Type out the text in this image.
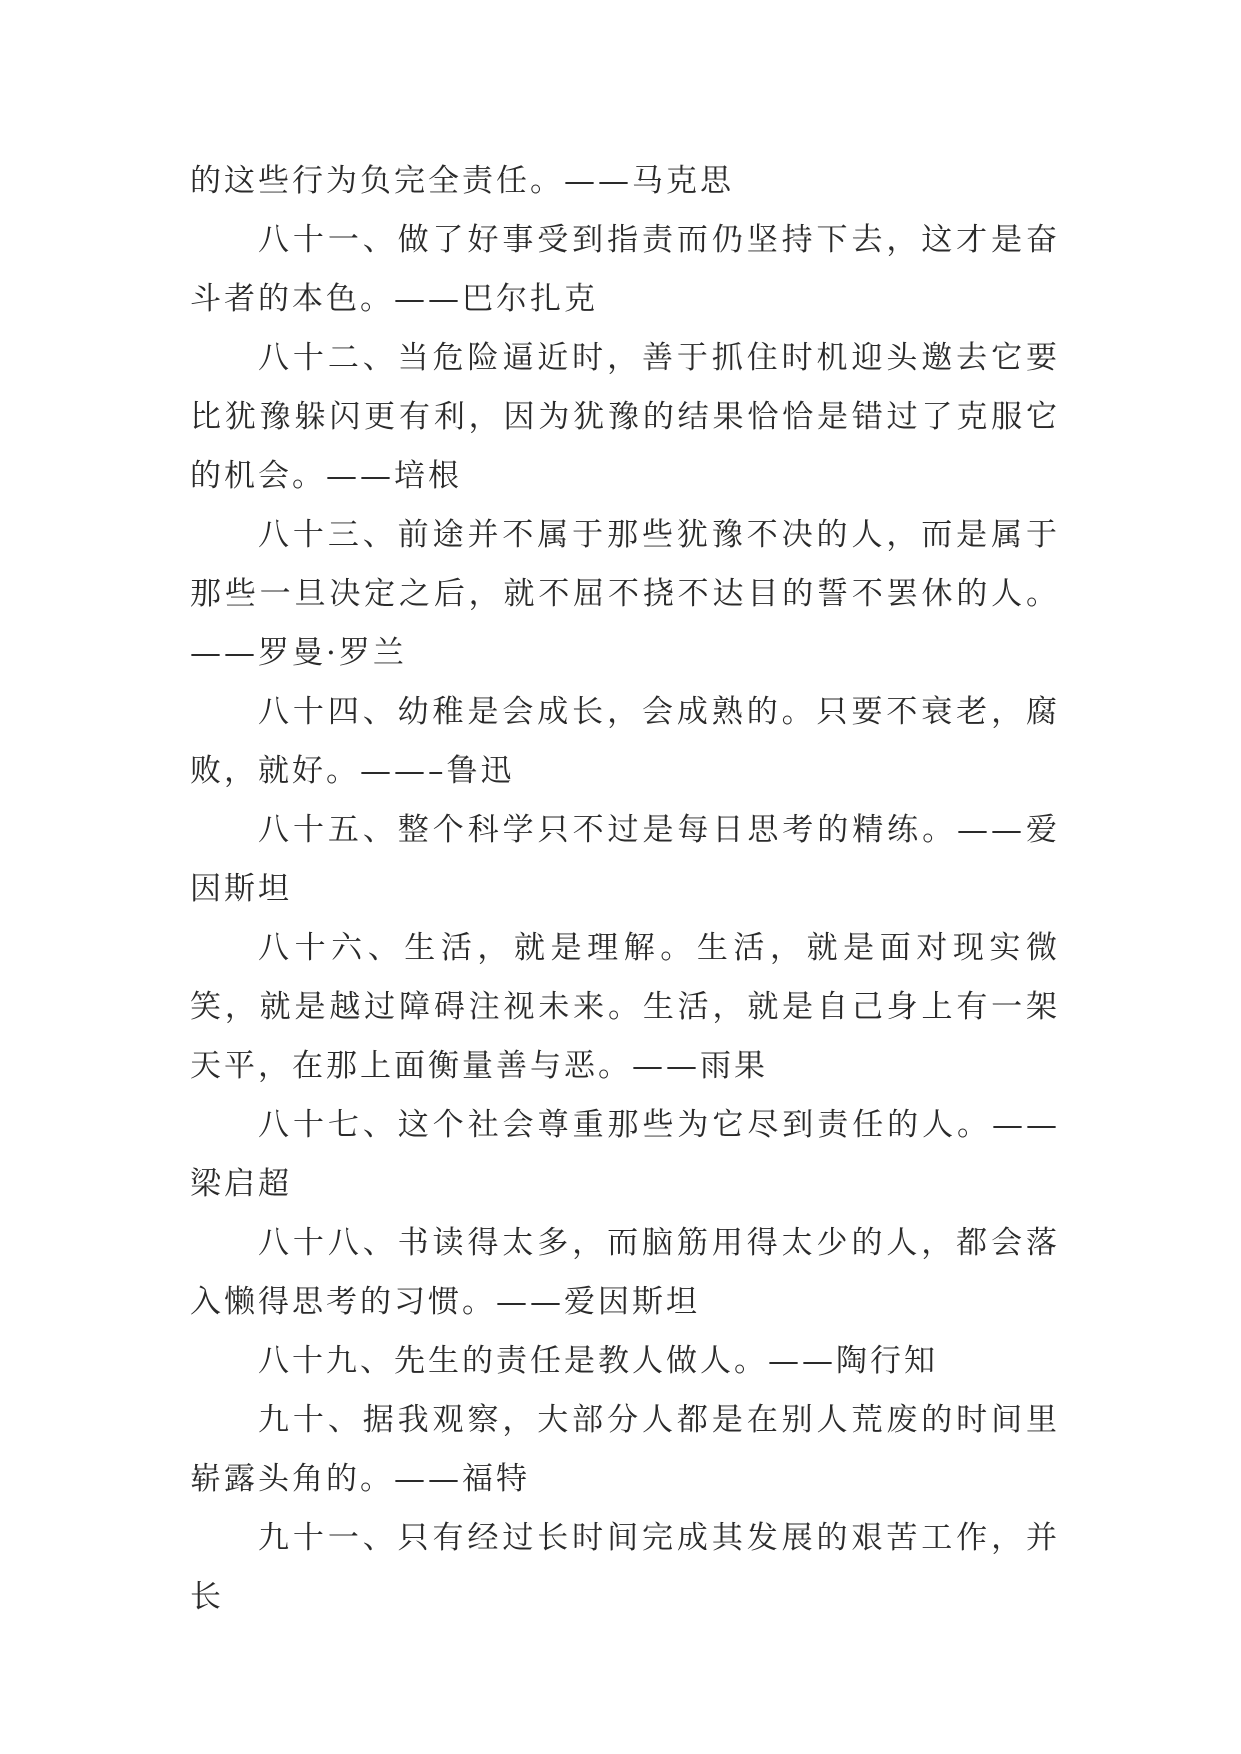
的这些行为负完全责任。——马克思

八十一、做了好事受到指责而仍坚持下去，这才是奋斗者的本色。——巴尔扎克

八十二、当危险逼近时，善于抓住时机迎头邀去它要比犹豫躲闪更有利，因为犹豫的结果恰恰是错过了克服它的机会。——培根

八十三、前途并不属于那些犹豫不决的人，而是属于那些一旦决定之后，就不屈不挠不达目的誓不罢休的人。——罗曼·罗兰

八十四、幼稚是会成长，会成熟的。只要不衰老，腐败，就好。——–鲁迅

八十五、整个科学只不过是每日思考的精练。——爱因斯坦

八十六、生活，就是理解。生活，就是面对现实微笑，就是越过障碍注视未来。生活，就是自己身上有一架天平，在那上面衡量善与恶。——雨果

八十七、这个社会尊重那些为它尽到责任的人。——梁启超

八十八、书读得太多，而脑筋用得太少的人，都会落入懒得思考的习惯。——爱因斯坦

八十九、先生的责任是教人做人。——陶行知

九十、据我观察，大部分人都是在别人荒废的时间里崭露头角的。——福特

九十一、只有经过长时间完成其发展的艰苦工作，并长
